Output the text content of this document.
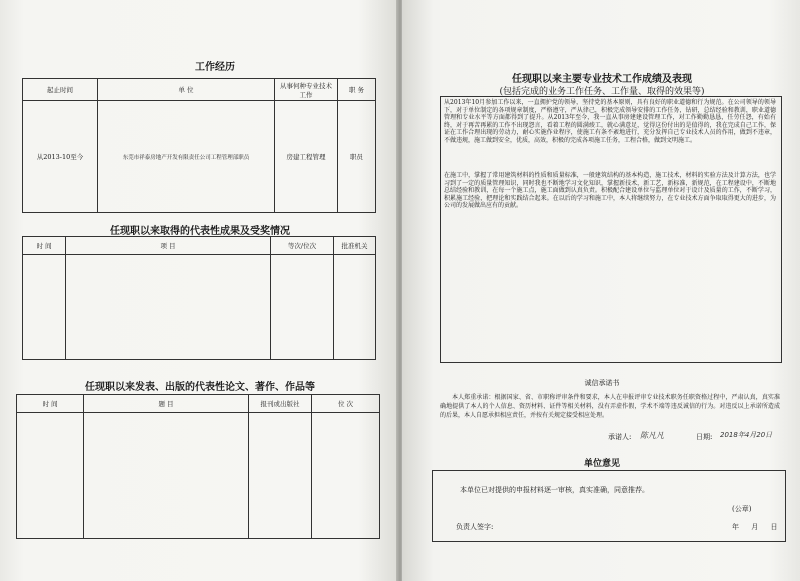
工作经历
起止时间	单 位	从事何种专业技术工作	职 务
从2013-10至今	东莞市祥泰房地产开发有限责任公司工程管理部职员	房建工程管理	职员
任现职以来取得的代表性成果及受奖情况
时 间	项 目	等次/位次	批准机关

任现职以来发表、出版的代表性论文、著作、作品等
时 间	题 目	报刊或出版社	位 次

任现职以来主要专业技术工作成绩及表现
(包括完成的业务工作任务、工作量、取得的效果等)
从2013年10月参加工作以来，一直拥护党的领导，坚持党的基本原则，具有良好的职业道德和行为规范。在公司领导的领导下，对于单位制定的各项规章制度，严格遵守，严从律己，积极完成领导安排的工作任务，钻研，总结经验和教训，职业道德管理和专业水平等方面都得到了提升。从2013年至今，我一直从事房建建设管理工作，对工作勤勤恳恳，任劳任怨，有始有终，对于再苦再累的工作不出现怨言，看着工程的圆满竣工，就心满意足，觉得这份付出的是值得的，我在完成自己工作，保证在工作合理出现的劳动力，耐心实施作业程序，使施工有条不紊地进行，充分发挥自己专业技术人员的作用，做到不违章，不做违规，施工做到安全，优质，高效，积极的完成各项施工任务，工程合格，做到文明施工。
在施工中，掌握了常用建筑材料的性质和质量标准，一般建筑结构的基本构造，施工技术，材料的实验方法及计算方法，也学习到了一定的质量管理知识，同时我也不断地学习文化知识，掌握新技术，新工艺，新标准，新规范，在工程建设中，不断地总结经验和教训，在每一个施工点，施工面做到认真负责。积极配合建设单位与监理单位对于设计及质量的工作，不断学习，积累施工经验，把理论和实践结合起来。在以后的学习和施工中，本人将继续努力，在专业技术方面争取取得更大的进步，为公司的发展做出应有的贡献。
诚信承诺书
本人郑重承诺：根据国家、省、市职称评审条件和要求，本人在申报评审专业技术职务任职资格过程中，严肃认真，真实准确地提供了本人的个人信息、资历材料、证件等相关材料，没有弄虚作假，学术不端等违反诚信的行为。对违反以上承诺所造成的后果，本人自愿承担相应责任，并按有关规定接受相应处理。
承诺人: 陈凡凡	日期: 2018年4月20日
单位意见
本单位已对提供的申报材料逐一审核，真实准确，同意推荐。
(公章)
负责人签字:	年 月 日
